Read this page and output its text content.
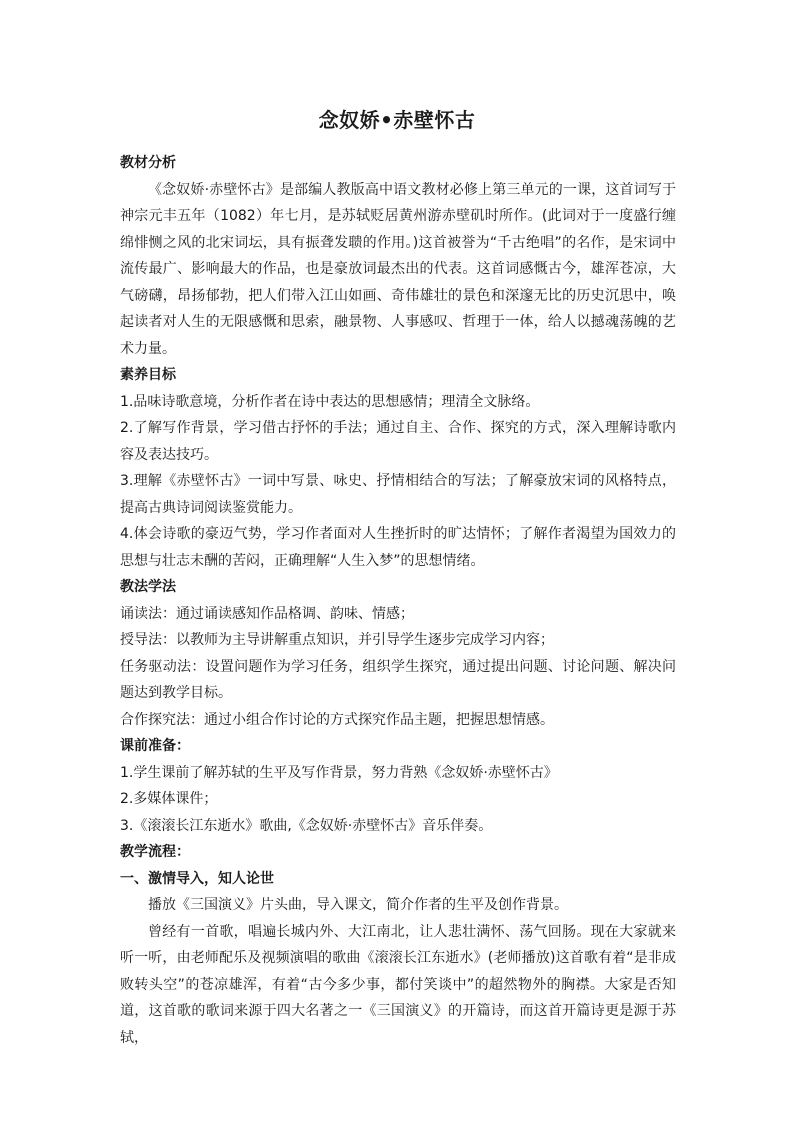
念奴娇•赤壁怀古

教材分析

《念奴娇·赤壁怀古》是部编人教版高中语文教材必修上第三单元的一课，这首词写于神宗元丰五年（1082）年七月，是苏轼贬居黄州游赤壁矶时所作。(此词对于一度盛行缠绵悱恻之风的北宋词坛，具有振聋发聩的作用。)这首被誉为“千古绝唱”的名作，是宋词中流传最广、影响最大的作品，也是豪放词最杰出的代表。这首词感慨古今，雄浑苍凉，大气磅礴，昂扬郁勃，把人们带入江山如画、奇伟雄壮的景色和深邃无比的历史沉思中，唤起读者对人生的无限感慨和思索，融景物、人事感叹、哲理于一体，给人以撼魂荡魄的艺术力量。

素养目标

1.品味诗歌意境，分析作者在诗中表达的思想感情；理清全文脉络。

2.了解写作背景，学习借古抒怀的手法；通过自主、合作、探究的方式，深入理解诗歌内容及表达技巧。

3.理解《赤壁怀古》一词中写景、咏史、抒情相结合的写法；了解豪放宋词的风格特点，提高古典诗词阅读鉴赏能力。

4.体会诗歌的豪迈气势，学习作者面对人生挫折时的旷达情怀；了解作者渴望为国效力的思想与壮志未酬的苦闷，正确理解“人生入梦”的思想情绪。

教法学法

诵读法：通过诵读感知作品格调、韵味、情感；

授导法：以教师为主导讲解重点知识，并引导学生逐步完成学习内容；

任务驱动法：设置问题作为学习任务，组织学生探究，通过提出问题、讨论问题、解决问题达到教学目标。

合作探究法：通过小组合作讨论的方式探究作品主题，把握思想情感。

课前准备：

1.学生课前了解苏轼的生平及写作背景，努力背熟《念奴娇·赤壁怀古》

2.多媒体课件；

3.《滚滚长江东逝水》歌曲,《念奴娇·赤壁怀古》音乐伴奏。

教学流程：

一、激情导入，知人论世

播放《三国演义》片头曲，导入课文，简介作者的生平及创作背景。

曾经有一首歌，唱遍长城内外、大江南北，让人悲壮满怀、荡气回肠。现在大家就来听一听，由老师配乐及视频演唱的歌曲《滚滚长江东逝水》(老师播放)这首歌有着“是非成败转头空”的苍凉雄浑，有着“古今多少事，都付笑谈中”的超然物外的胸襟。大家是否知道，这首歌的歌词来源于四大名著之一《三国演义》的开篇诗，而这首开篇诗更是源于苏轼，
